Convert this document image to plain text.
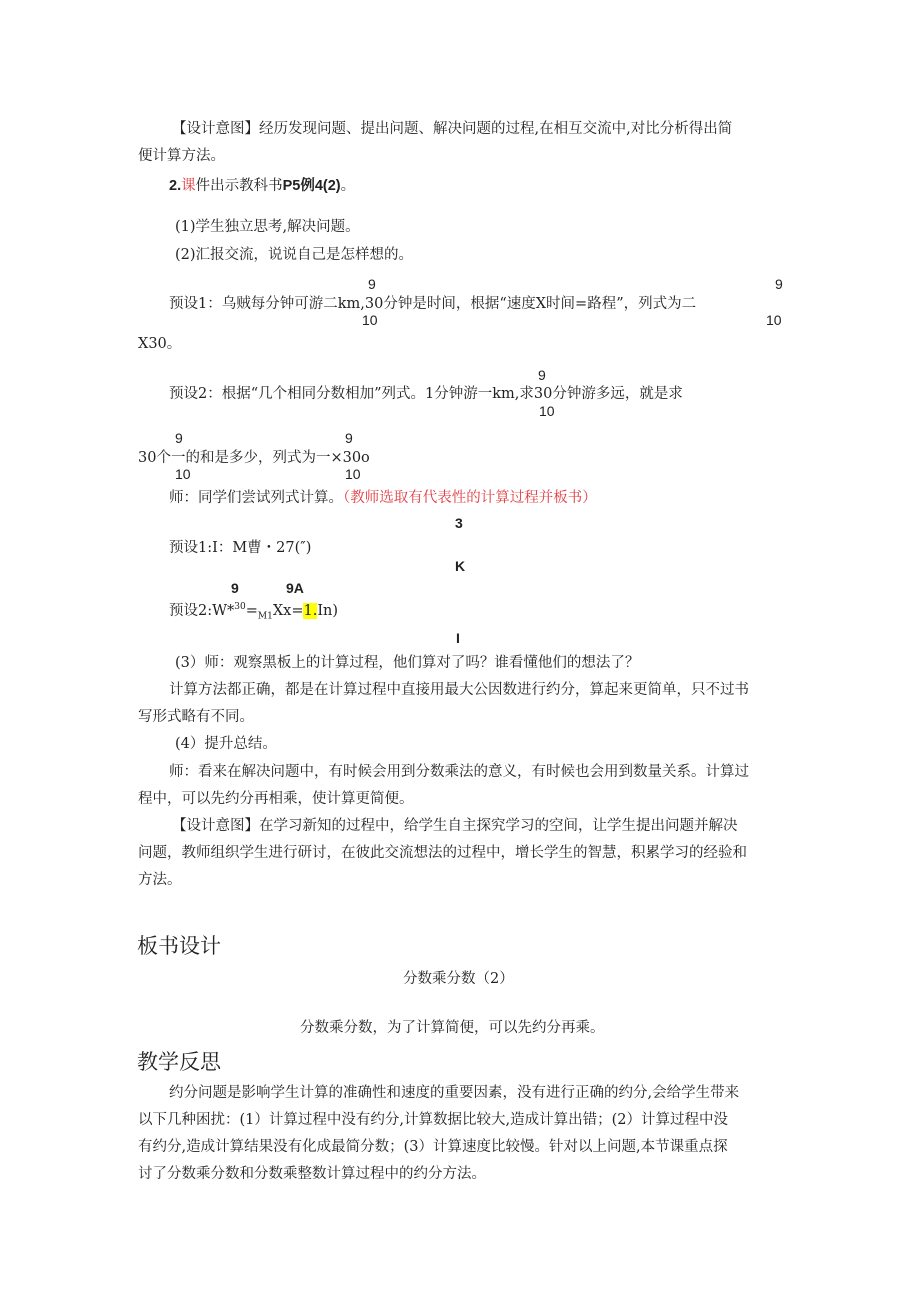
【设计意图】经历发现问题、提出问题、解决问题的过程,在相互交流中,对比分析得出简
便计算方法。
2.课件出示教科书P5例4(2)。
(1)学生独立思考,解决问题。
(2)汇报交流，说说自己是怎样想的。
9	9
预设1：乌贼每分钟可游二km,30分钟是时间，根据“速度X时间=路程”，列式为二
10	10
X30。
9
预设2：根据“几个相同分数相加”列式。1分钟游一km,求30分钟游多远，就是求
10
9	9
30个一的和是多少，列式为一×30o
10	10
师：同学们尝试列式计算。（教师选取有代表性的计算过程并板书）
3
预设1:I：M曹・27(″)
K
9	9A
预设$2:W*^{30}=_{M1}Xx=1.In$)
I
(3）师：观察黑板上的计算过程，他们算对了吗？谁看懂他们的想法了？
计算方法都正确，都是在计算过程中直接用最大公因数进行约分，算起来更简单，只不过书
写形式略有不同。
(4）提升总结。
师：看来在解决问题中，有时候会用到分数乘法的意义，有时候也会用到数量关系。计算过
程中，可以先约分再相乘，使计算更简便。
【设计意图】在学习新知的过程中，给学生自主探究学习的空间，让学生提出问题并解决
问题，教师组织学生进行研讨，在彼此交流想法的过程中，增长学生的智慧，积累学习的经验和
方法。
板书设计
分数乘分数（2）
分数乘分数，为了计算简便，可以先约分再乘。
教学反思
约分问题是影响学生计算的准确性和速度的重要因素，没有进行正确的约分,会给学生带来
以下几种困扰：(1）计算过程中没有约分,计算数据比较大,造成计算出错；(2）计算过程中没
有约分,造成计算结果没有化成最简分数；(3）计算速度比较慢。针对以上问题,本节课重点探
讨了分数乘分数和分数乘整数计算过程中的约分方法。
